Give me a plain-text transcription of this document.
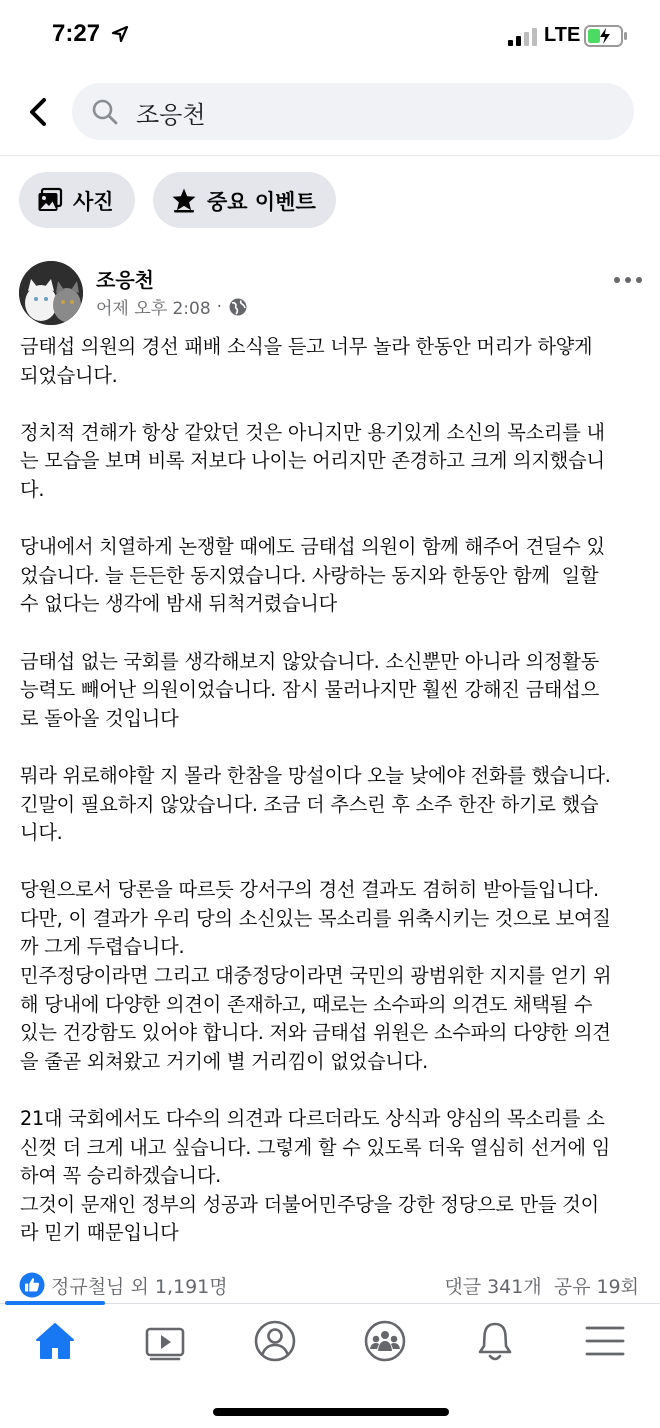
7:27	LTE
조응천
사진	중요 이벤트
조응천
어제 오후 2:08 ·

금태섭 의원의 경선 패배 소식을 듣고 너무 놀라 한동안 머리가 하얗게
되었습니다.

정치적 견해가 항상 같았던 것은 아니지만 용기있게 소신의 목소리를 내
는 모습을 보며 비록 저보다 나이는 어리지만 존경하고 크게 의지했습니
다.

당내에서 치열하게 논쟁할 때에도 금태섭 의원이 함께 해주어 견딜수 있
었습니다. 늘 든든한 동지였습니다. 사랑하는 동지와 한동안 함께  일할
수 없다는 생각에 밤새 뒤척거렸습니다

금태섭 없는 국회를 생각해보지 않았습니다. 소신뿐만 아니라 의정활동
능력도 빼어난 의원이었습니다. 잠시 물러나지만 훨씬 강해진 금태섭으
로 돌아올 것입니다

뭐라 위로해야할 지 몰라 한참을 망설이다 오늘 낮에야 전화를 했습니다.
긴말이 필요하지 않았습니다. 조금 더 추스린 후 소주 한잔 하기로 했습
니다.

당원으로서 당론을 따르듯 강서구의 경선 결과도 겸허히 받아들입니다.
다만, 이 결과가 우리 당의 소신있는 목소리를 위축시키는 것으로 보여질
까 그게 두렵습니다.
민주정당이라면 그리고 대중정당이라면 국민의 광범위한 지지를 얻기 위
해 당내에 다양한 의견이 존재하고, 때로는 소수파의 의견도 채택될 수
있는 건강함도 있어야 합니다. 저와 금태섭 위원은 소수파의 다양한 의견
을 줄곧 외쳐왔고 거기에 별 거리낌이 없었습니다.

21대 국회에서도 다수의 의견과 다르더라도 상식과 양심의 목소리를 소
신껏 더 크게 내고 싶습니다. 그렇게 할 수 있도록 더욱 열심히 선거에 임
하여 꼭 승리하겠습니다.
그것이 문재인 정부의 성공과 더불어민주당을 강한 정당으로 만들 것이
라 믿기 때문입니다

정규철님 외 1,191명	댓글 341개 공유 19회
